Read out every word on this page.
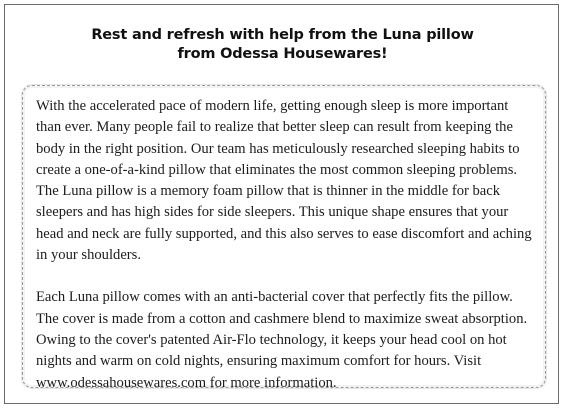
Rest and refresh with help from the Luna pillow
from Odessa Housewares!

With the accelerated pace of modern life, getting enough sleep is more important than ever. Many people fail to realize that better sleep can result from keeping the body in the right position. Our team has meticulously researched sleeping habits to create a one-of-a-kind pillow that eliminates the most common sleeping problems. The Luna pillow is a memory foam pillow that is thinner in the middle for back sleepers and has high sides for side sleepers. This unique shape ensures that your head and neck are fully supported, and this also serves to ease discomfort and aching in your shoulders.

Each Luna pillow comes with an anti-bacterial cover that perfectly fits the pillow. The cover is made from a cotton and cashmere blend to maximize sweat absorption. Owing to the cover's patented Air-Flo technology, it keeps your head cool on hot nights and warm on cold nights, ensuring maximum comfort for hours. Visit www.odessahousewares.com for more information.
